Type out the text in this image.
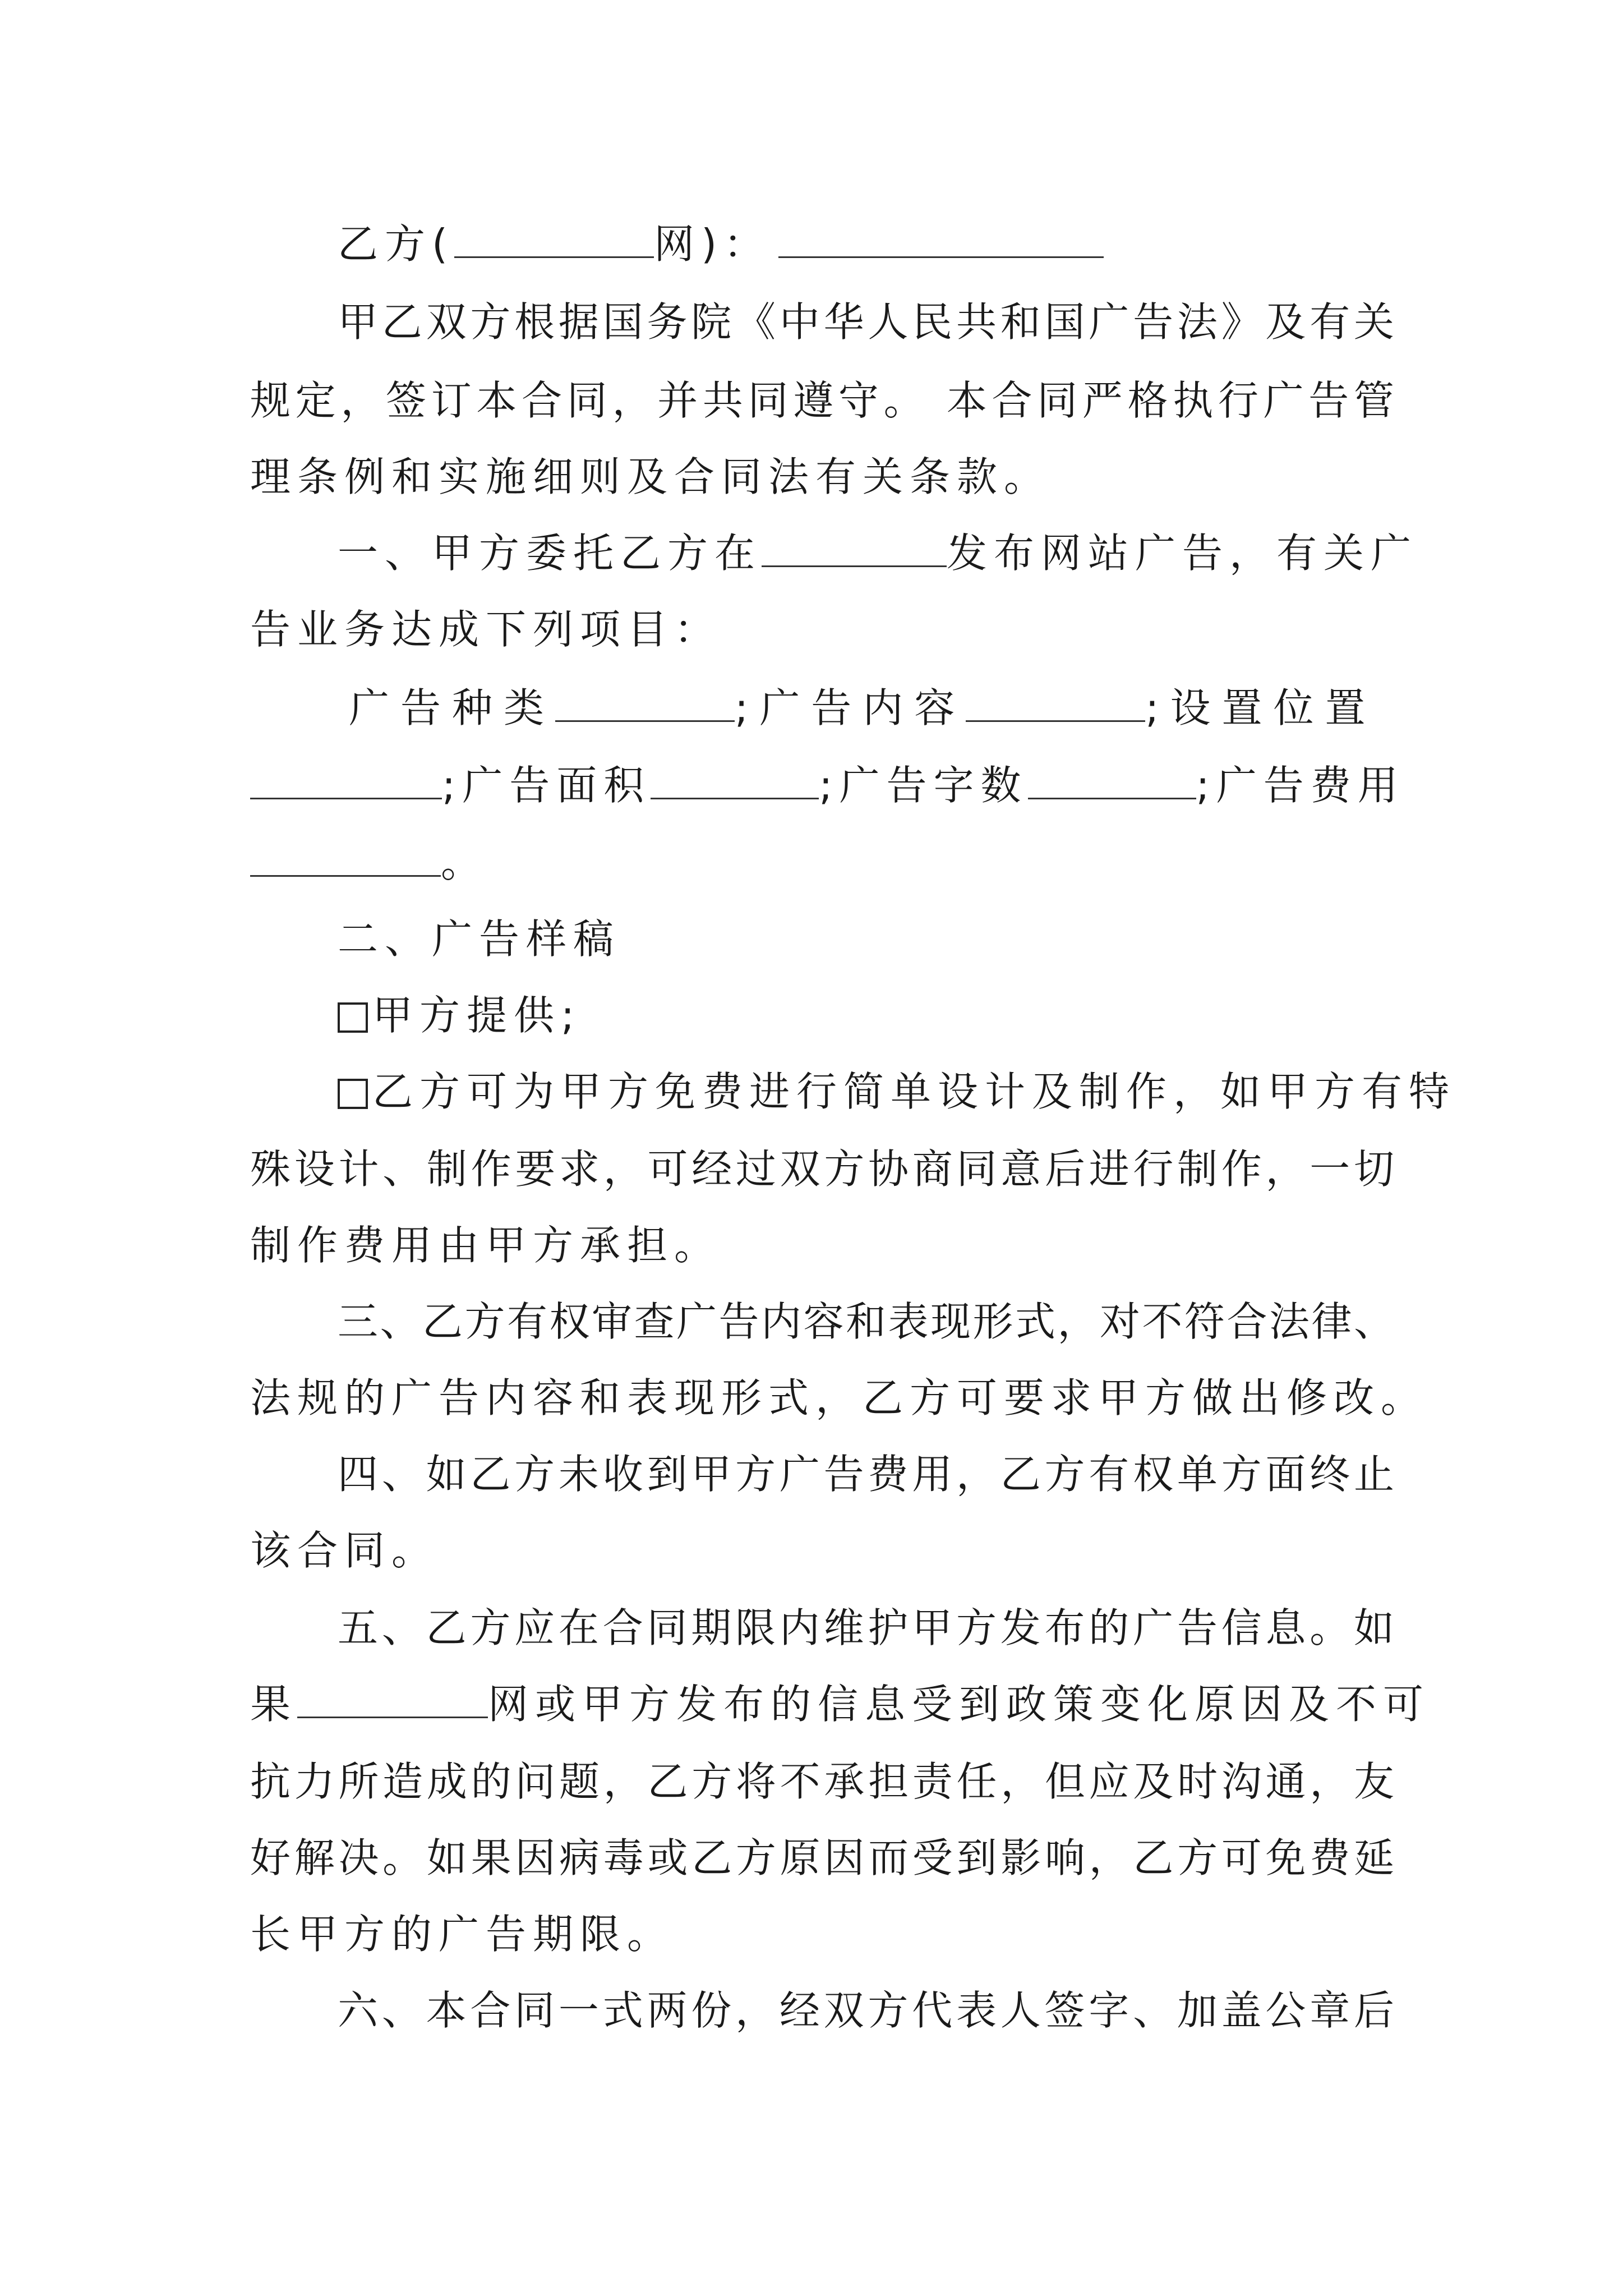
乙方(	网)：
甲乙双方根据国务院《中华人民共和国广告法》及有关
规定，签订本合同，并共同遵守。 本合同严格执行广告管
理条例和实施细则及合同法有关条款。
一、甲方委托乙方在	发布网站广告，有关广
告业务达成下列项目：
广告种类	;广告内容	;设置位置
;广告面积	;广告字数	;广告费用
。
二、广告样稿
甲方提供;
乙方可为甲方免费进行简单设计及制作，如甲方有特
殊设计、制作要求，可经过双方协商同意后进行制作，一切
制作费用由甲方承担。
三、乙方有权审查广告内容和表现形式，对不符合法律、
法规的广告内容和表现形式，乙方可要求甲方做出修改。
四、如乙方未收到甲方广告费用，乙方有权单方面终止
该合同。
五、乙方应在合同期限内维护甲方发布的广告信息。如
果	网或甲方发布的信息受到政策变化原因及不可
抗力所造成的问题，乙方将不承担责任，但应及时沟通，友
好解决。如果因病毒或乙方原因而受到影响，乙方可免费延
长甲方的广告期限。
六、本合同一式两份，经双方代表人签字、加盖公章后
